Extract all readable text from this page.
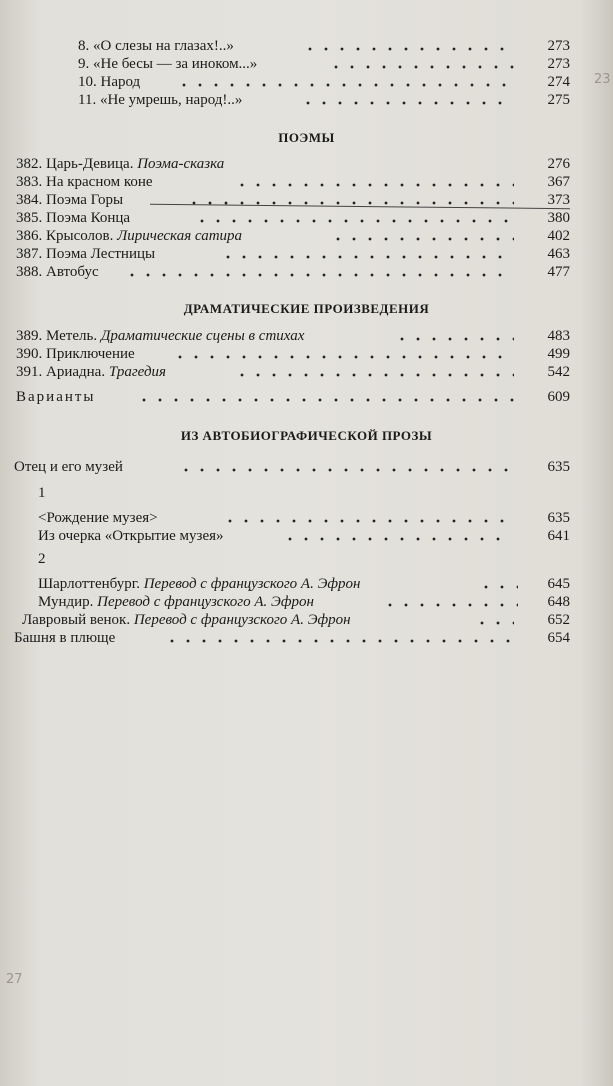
8. «О слезы на глазах!..»	273
9. «Не бесы — за иноком...»	273
10. Народ	274
11. «Не умрешь, народ!..»	275
ПОЭМЫ
382. Царь-Девица. Поэма-сказка	276
383. На красном коне	367
384. Поэма Горы	373
385. Поэма Конца	380
386. Крысолов. Лирическая сатира	402
387. Поэма Лестницы	463
388. Автобус	477
ДРАМАТИЧЕСКИЕ ПРОИЗВЕДЕНИЯ
389. Метель. Драматические сцены в стихах	483
390. Приключение	499
391. Ариадна. Трагедия	542
Варианты	609
ИЗ АВТОБИОГРАФИЧЕСКОЙ ПРОЗЫ
Отец и его музей	635
1
<Рождение музея>	635
Из очерка «Открытие музея»	641
2
Шарлоттенбург. Перевод с французского А. Эфрон	645
Мундир. Перевод с французского А. Эфрон	648
Лавровый венок. Перевод с французского А. Эфрон	652
Башня в плюще	654
23
27
